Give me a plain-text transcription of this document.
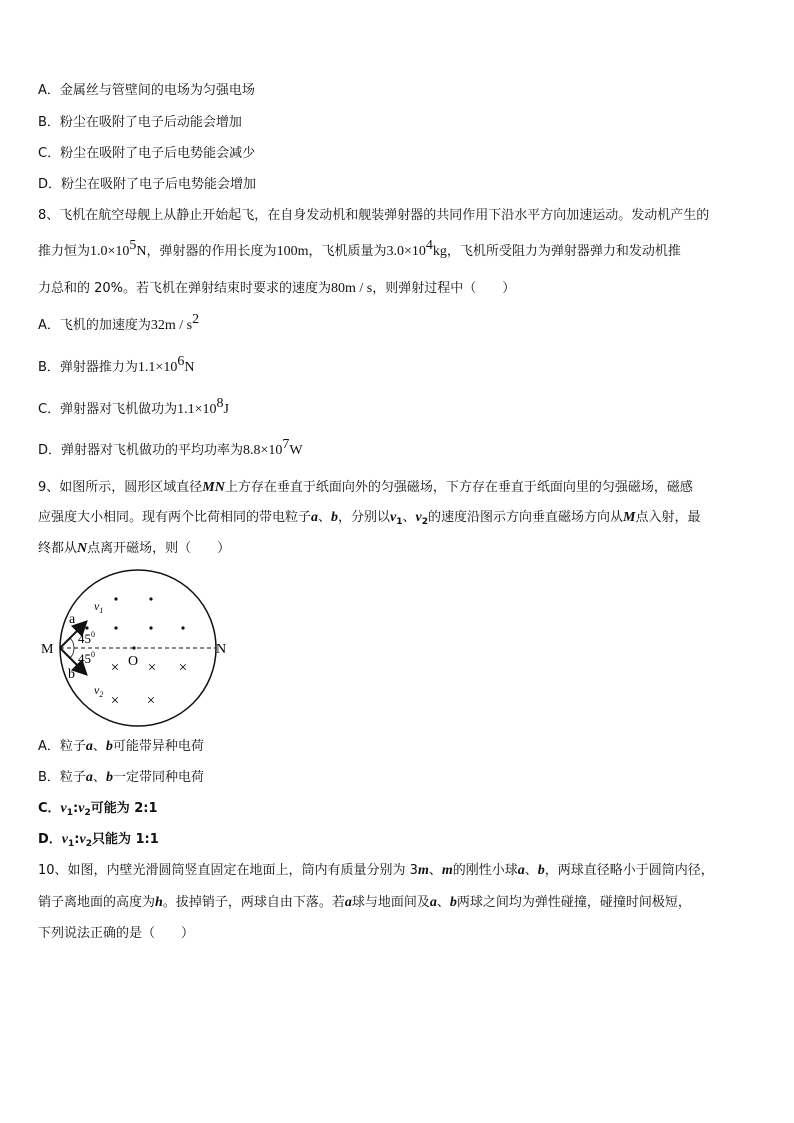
A．金属丝与管壁间的电场为匀强电场
B．粉尘在吸附了电子后动能会增加
C．粉尘在吸附了电子后电势能会减少
D．粉尘在吸附了电子后电势能会增加
8、飞机在航空母舰上从静止开始起飞，在自身发动机和舰装弹射器的共同作用下沿水平方向加速运动。发动机产生的
推力恒为$1.0\times 10^5N$，弹射器的作用长度为100m，飞机质量为$3.0\times 10^4kg$，飞机所受阻力为弹射器弹力和发动机推
力总和的 20%。若飞机在弹射结束时要求的速度为80m / s，则弹射过程中（　　）
A．飞机的加速度为$32m / s^2$
B．弹射器推力为$1.1\times 10^6N$
C．弹射器对飞机做功为$1.1\times 10^8J$
D．弹射器对飞机做功的平均功率为$8.8\times 10^7W$
9、如图所示，圆形区域直径MN上方存在垂直于纸面向外的匀强磁场，下方存在垂直于纸面向里的匀强磁场，磁感
应强度大小相同。现有两个比荷相同的带电粒子a、b，分别以$v_1$、$v_2$的速度沿图示方向垂直磁场方向从M点入射，最
终都从N点离开磁场，则（　　）
× × ×
× ×
M	N
O
a
b
$v_1$
$v_2$
$45^0$
$45^0$
A．粒子a、b可能带异种电荷
B．粒子a、b一定带同种电荷
C．$v_1:v_2$可能为 2:1
D．$v_1:v_2$只能为 1:1
10、如图，内壁光滑圆筒竖直固定在地面上，筒内有质量分别为 3m、m的刚性小球a、b，两球直径略小于圆筒内径，
销子离地面的高度为h。拔掉销子，两球自由下落。若a球与地面间及a、b两球之间均为弹性碰撞，碰撞时间极短，
下列说法正确的是（　　）
